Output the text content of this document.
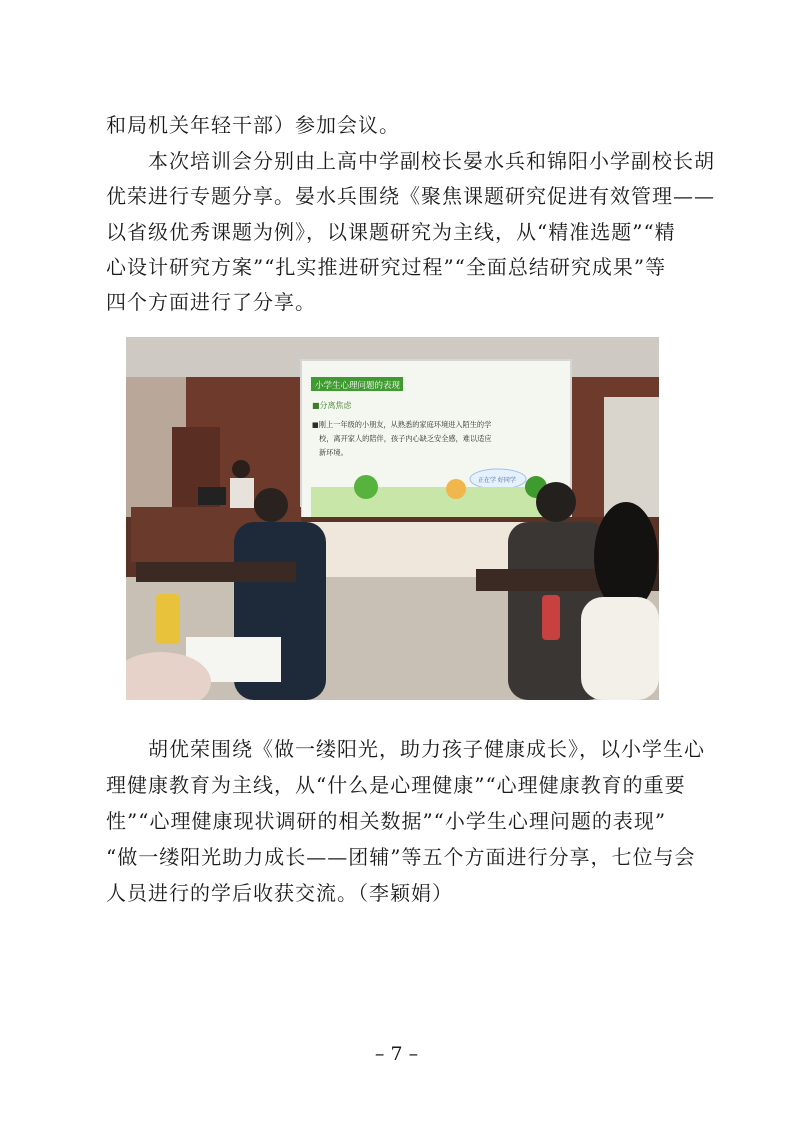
和局机关年轻干部）参加会议。
　　本次培训会分别由上高中学副校长晏水兵和锦阳小学副校长胡
优荣进行专题分享。晏水兵围绕《聚焦课题研究促进有效管理——
以省级优秀课题为例》，以课题研究为主线，从“精准选题”“精
心设计研究方案”“扎实推进研究过程”“全面总结研究成果”等
四个方面进行了分享。
小学生心理问题的表现 1
■分离焦虑
■刚上一年级的小朋友，从熟悉的家庭环境进入陌生的学
校，离开家人的陪伴，孩子内心缺乏安全感，难以适应
新环境。
正在学 好同学
　　胡优荣围绕《做一缕阳光，助力孩子健康成长》，以小学生心
理健康教育为主线，从“什么是心理健康”“心理健康教育的重要
性”“心理健康现状调研的相关数据”“小学生心理问题的表现”
“做一缕阳光助力成长——团辅”等五个方面进行分享，七位与会
人员进行的学后收获交流。（李颖娟）
– 7 –
